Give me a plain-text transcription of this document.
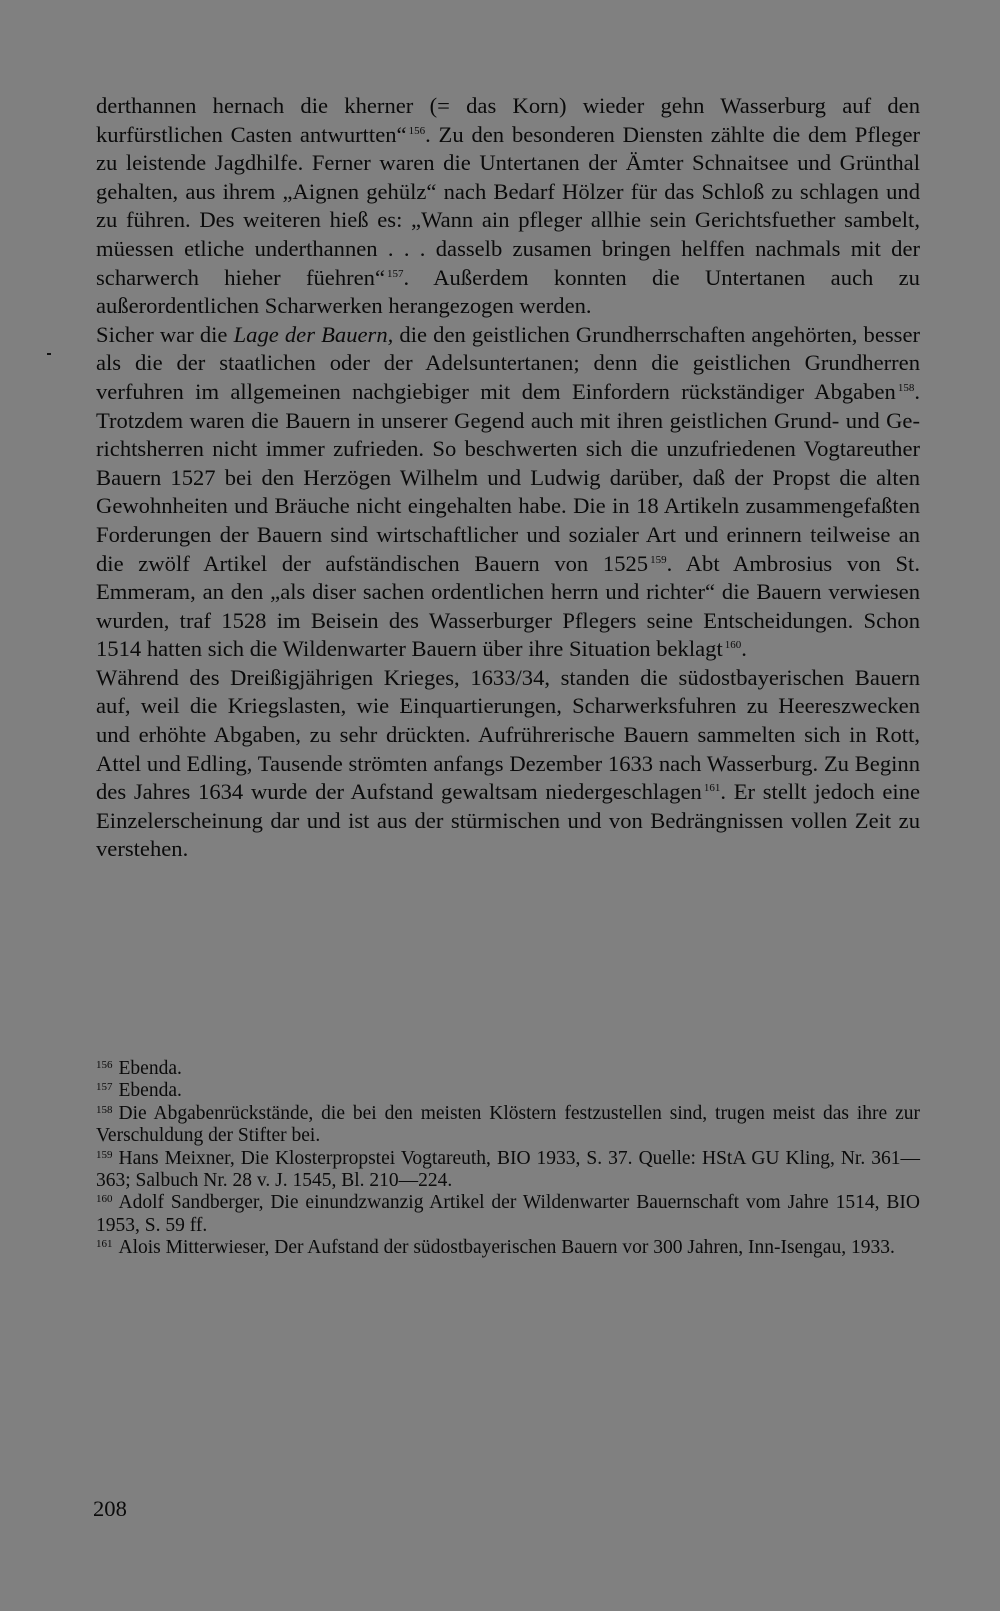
derthannen hernach die kherner (= das Korn) wieder gehn Wasserburg auf den kurfürstlichen Casten antwurtten“ $^{156}$. Zu den besonderen Diensten zählte die dem Pfleger zu leistende Jagdhilfe. Ferner waren die Untertanen der Ämter Schnaitsee und Grünthal gehalten, aus ihrem „Aignen gehülz“ nach Bedarf Hölzer für das Schloß zu schlagen und zu führen. Des weiteren hieß es: „Wann ain pfleger allhie sein Gerichtsfuether sambelt, müessen etliche underthannen . . . dasselb zusamen bringen helffen nachmals mit der scharwerch hieher füehren“ $^{157}$. Außerdem konnten die Untertanen auch zu außerordentlichen Scharwerken herangezogen werden.

Sicher war die Lage der Bauern, die den geistlichen Grundherrschaften angehörten, besser als die der staatlichen oder der Adelsuntertanen; denn die geistlichen Grundherren verfuhren im allgemeinen nachgiebiger mit dem Einfordern rückständiger Abgaben $^{158}$. Trotzdem waren die Bauern in unserer Gegend auch mit ihren geistlichen Grund- und Gerichtsherren nicht immer zufrieden. So beschwerten sich die unzufriedenen Vogtareuther Bauern 1527 bei den Herzögen Wilhelm und Ludwig darüber, daß der Propst die alten Gewohnheiten und Bräuche nicht eingehalten habe. Die in 18 Artikeln zusammengefaßten Forderungen der Bauern sind wirtschaftlicher und sozialer Art und erinnern teilweise an die zwölf Artikel der aufständischen Bauern von 1525 $^{159}$. Abt Ambrosius von St. Emmeram, an den „als diser sachen ordentlichen herrn und richter“ die Bauern verwiesen wurden, traf 1528 im Beisein des Wasserburger Pflegers seine Entscheidungen. Schon 1514 hatten sich die Wildenwarter Bauern über ihre Situation beklagt $^{160}$.

Während des Dreißigjährigen Krieges, 1633/34, standen die südostbayerischen Bauern auf, weil die Kriegslasten, wie Einquartierungen, Scharwerksfuhren zu Heereszwecken und erhöhte Abgaben, zu sehr drückten. Aufrührerische Bauern sammelten sich in Rott, Attel und Edling, Tausende strömten anfangs Dezember 1633 nach Wasserburg. Zu Beginn des Jahres 1634 wurde der Aufstand gewaltsam niedergeschlagen $^{161}$. Er stellt jedoch eine Einzelerscheinung dar und ist aus der stürmischen und von Bedrängnissen vollen Zeit zu verstehen.

$^{156}$ Ebenda.

$^{157}$ Ebenda.

$^{158}$ Die Abgabenrückstände, die bei den meisten Klöstern festzustellen sind, trugen meist das ihre zur Verschuldung der Stifter bei.

$^{159}$ Hans Meixner, Die Klosterpropstei Vogtareuth, BIO 1933, S. 37. Quelle: HStA GU Kling, Nr. 361—363; Salbuch Nr. 28 v. J. 1545, Bl. 210—224.

$^{160}$ Adolf Sandberger, Die einundzwanzig Artikel der Wildenwarter Bauernschaft vom Jahre 1514, BIO 1953, S. 59 ff.

$^{161}$ Alois Mitterwieser, Der Aufstand der südostbayerischen Bauern vor 300 Jahren, Inn-Isengau, 1933.

208
